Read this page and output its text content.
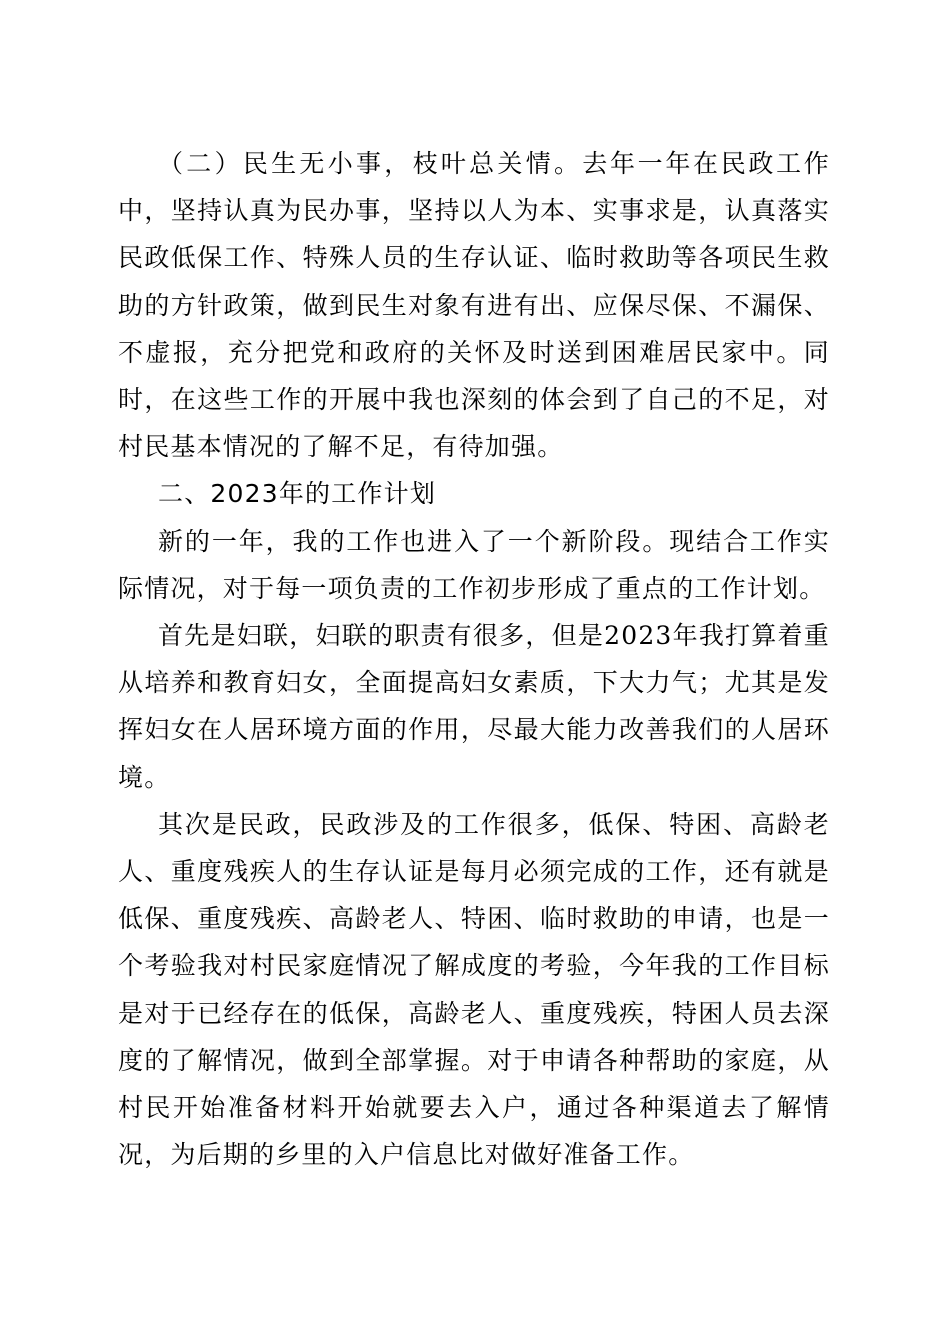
（二）民生无小事，枝叶总关情。去年一年在民政工作中，坚持认真为民办事，坚持以人为本、实事求是，认真落实民政低保工作、特殊人员的生存认证、临时救助等各项民生救助的方针政策，做到民生对象有进有出、应保尽保、不漏保、不虚报，充分把党和政府的关怀及时送到困难居民家中。同时，在这些工作的开展中我也深刻的体会到了自己的不足，对村民基本情况的了解不足，有待加强。

二、2023年的工作计划

新的一年，我的工作也进入了一个新阶段。现结合工作实际情况，对于每一项负责的工作初步形成了重点的工作计划。

首先是妇联，妇联的职责有很多，但是2023年我打算着重从培养和教育妇女，全面提高妇女素质，下大力气；尤其是发挥妇女在人居环境方面的作用，尽最大能力改善我们的人居环境。

其次是民政，民政涉及的工作很多，低保、特困、高龄老人、重度残疾人的生存认证是每月必须完成的工作，还有就是低保、重度残疾、高龄老人、特困、临时救助的申请，也是一个考验我对村民家庭情况了解成度的考验，今年我的工作目标是对于已经存在的低保，高龄老人、重度残疾，特困人员去深度的了解情况，做到全部掌握。对于申请各种帮助的家庭，从村民开始准备材料开始就要去入户，通过各种渠道去了解情况，为后期的乡里的入户信息比对做好准备工作。
